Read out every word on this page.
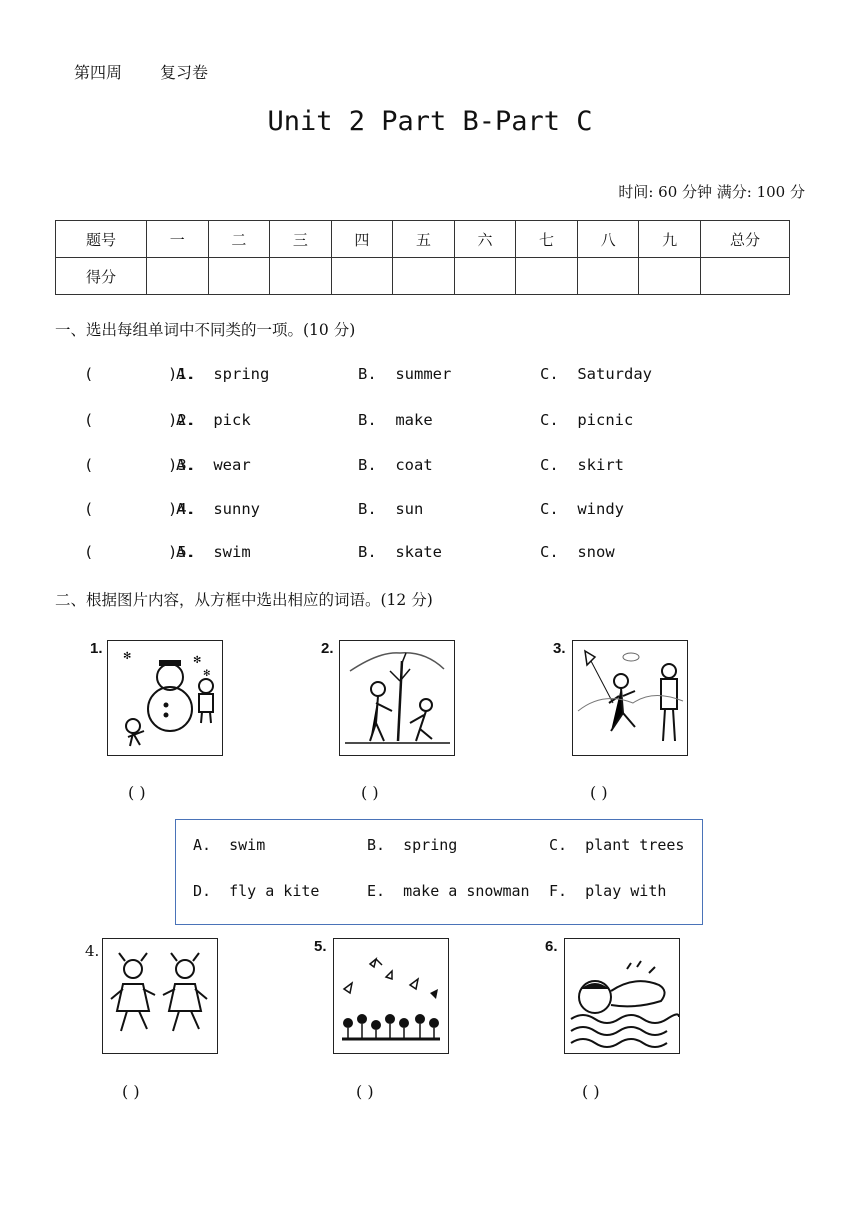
第四周 复习卷
Unit 2 Part B-Part C
时间: 60 分钟 满分: 100 分
题号	一	二	三	四	五	六	七	八	九	总分
得分										
一、选出每组单词中不同类的一项。(10 分)
(        )1.
A.  spring	B.  summer	C.  Saturday
(        )2.
A.  pick	B.  make	C.  picnic
(        )3.
A.  wear	B.  coat	C.  skirt
(        )4.
A.  sunny	B.  sun	C.  windy
(        )5.
A.  swim	B.  skate	C.  snow
二、根据图片内容，从方框中选出相应的词语。(12 分)
1. ✻	✻
✻
2.	3.
( )	( )	( )
A.  swim	B.  spring	C.  plant trees
D.  fly a kite	E.  make a snowman F.  play with
4.	5.	6.
( )	( )	( )
